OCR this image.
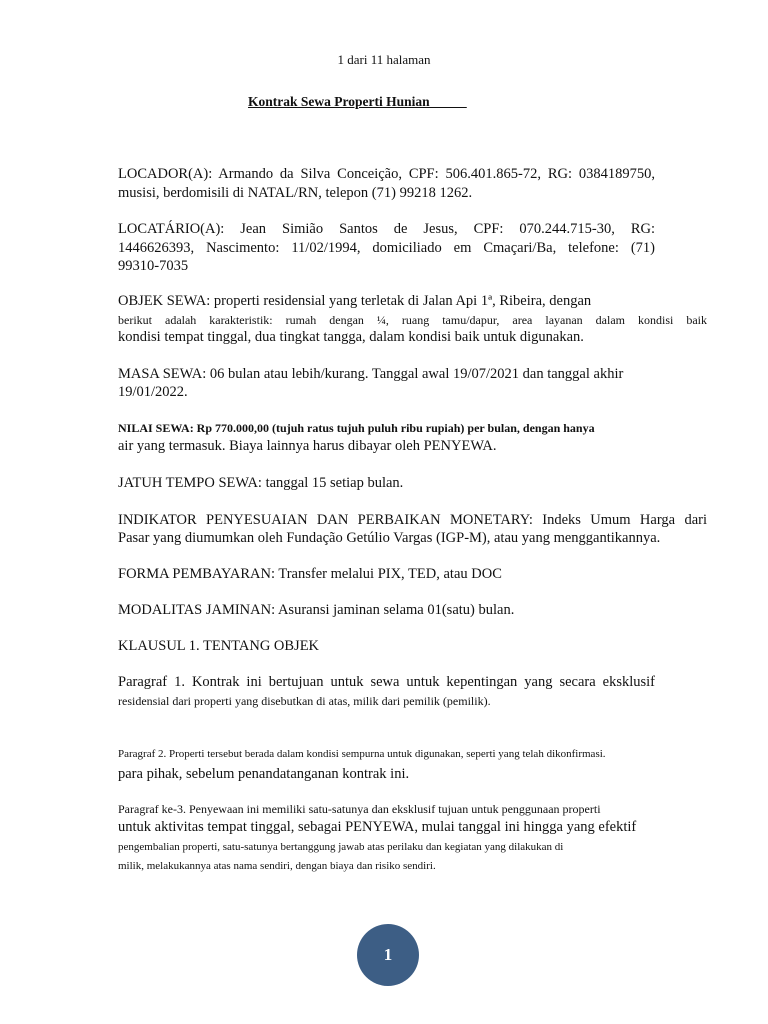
1 dari 11 halaman
Kontrak Sewa Properti Hunian
LOCADOR(A): Armando da Silva Conceição, CPF: 506.401.865-72, RG: 0384189750,
musisi, berdomisili di NATAL/RN, telepon (71) 99218 1262.
LOCATÁRIO(A): Jean Simião Santos de Jesus, CPF: 070.244.715-30, RG:
1446626393, Nascimento: 11/02/1994, domiciliado em Cmaçari/Ba, telefone: (71)
99310-7035
OBJEK SEWA: properti residensial yang terletak di Jalan Api 1ª, Ribeira, dengan
berikut adalah karakteristik: rumah dengan ¼, ruang tamu/dapur, area layanan dalam kondisi baik
kondisi tempat tinggal, dua tingkat tangga, dalam kondisi baik untuk digunakan.
MASA SEWA: 06 bulan atau lebih/kurang. Tanggal awal 19/07/2021 dan tanggal akhir
19/01/2022.
NILAI SEWA: Rp 770.000,00 (tujuh ratus tujuh puluh ribu rupiah) per bulan, dengan hanya
air yang termasuk. Biaya lainnya harus dibayar oleh PENYEWA.
JATUH TEMPO SEWA: tanggal 15 setiap bulan.
INDIKATOR PENYESUAIAN DAN PERBAIKAN MONETARY: Indeks Umum Harga dari
Pasar yang diumumkan oleh Fundação Getúlio Vargas (IGP-M), atau yang menggantikannya.
FORMA PEMBAYARAN: Transfer melalui PIX, TED, atau DOC
MODALITAS JAMINAN: Asuransi jaminan selama 01(satu) bulan.
KLAUSUL 1. TENTANG OBJEK
Paragraf 1. Kontrak ini bertujuan untuk sewa untuk kepentingan yang secara eksklusif
residensial dari properti yang disebutkan di atas, milik dari pemilik (pemilik).
Paragraf 2. Properti tersebut berada dalam kondisi sempurna untuk digunakan, seperti yang telah dikonfirmasi.
para pihak, sebelum penandatanganan kontrak ini.
Paragraf ke-3. Penyewaan ini memiliki satu-satunya dan eksklusif tujuan untuk penggunaan properti
untuk aktivitas tempat tinggal, sebagai PENYEWA, mulai tanggal ini hingga yang efektif
pengembalian properti, satu-satunya bertanggung jawab atas perilaku dan kegiatan yang dilakukan di
milik, melakukannya atas nama sendiri, dengan biaya dan risiko sendiri.
1
